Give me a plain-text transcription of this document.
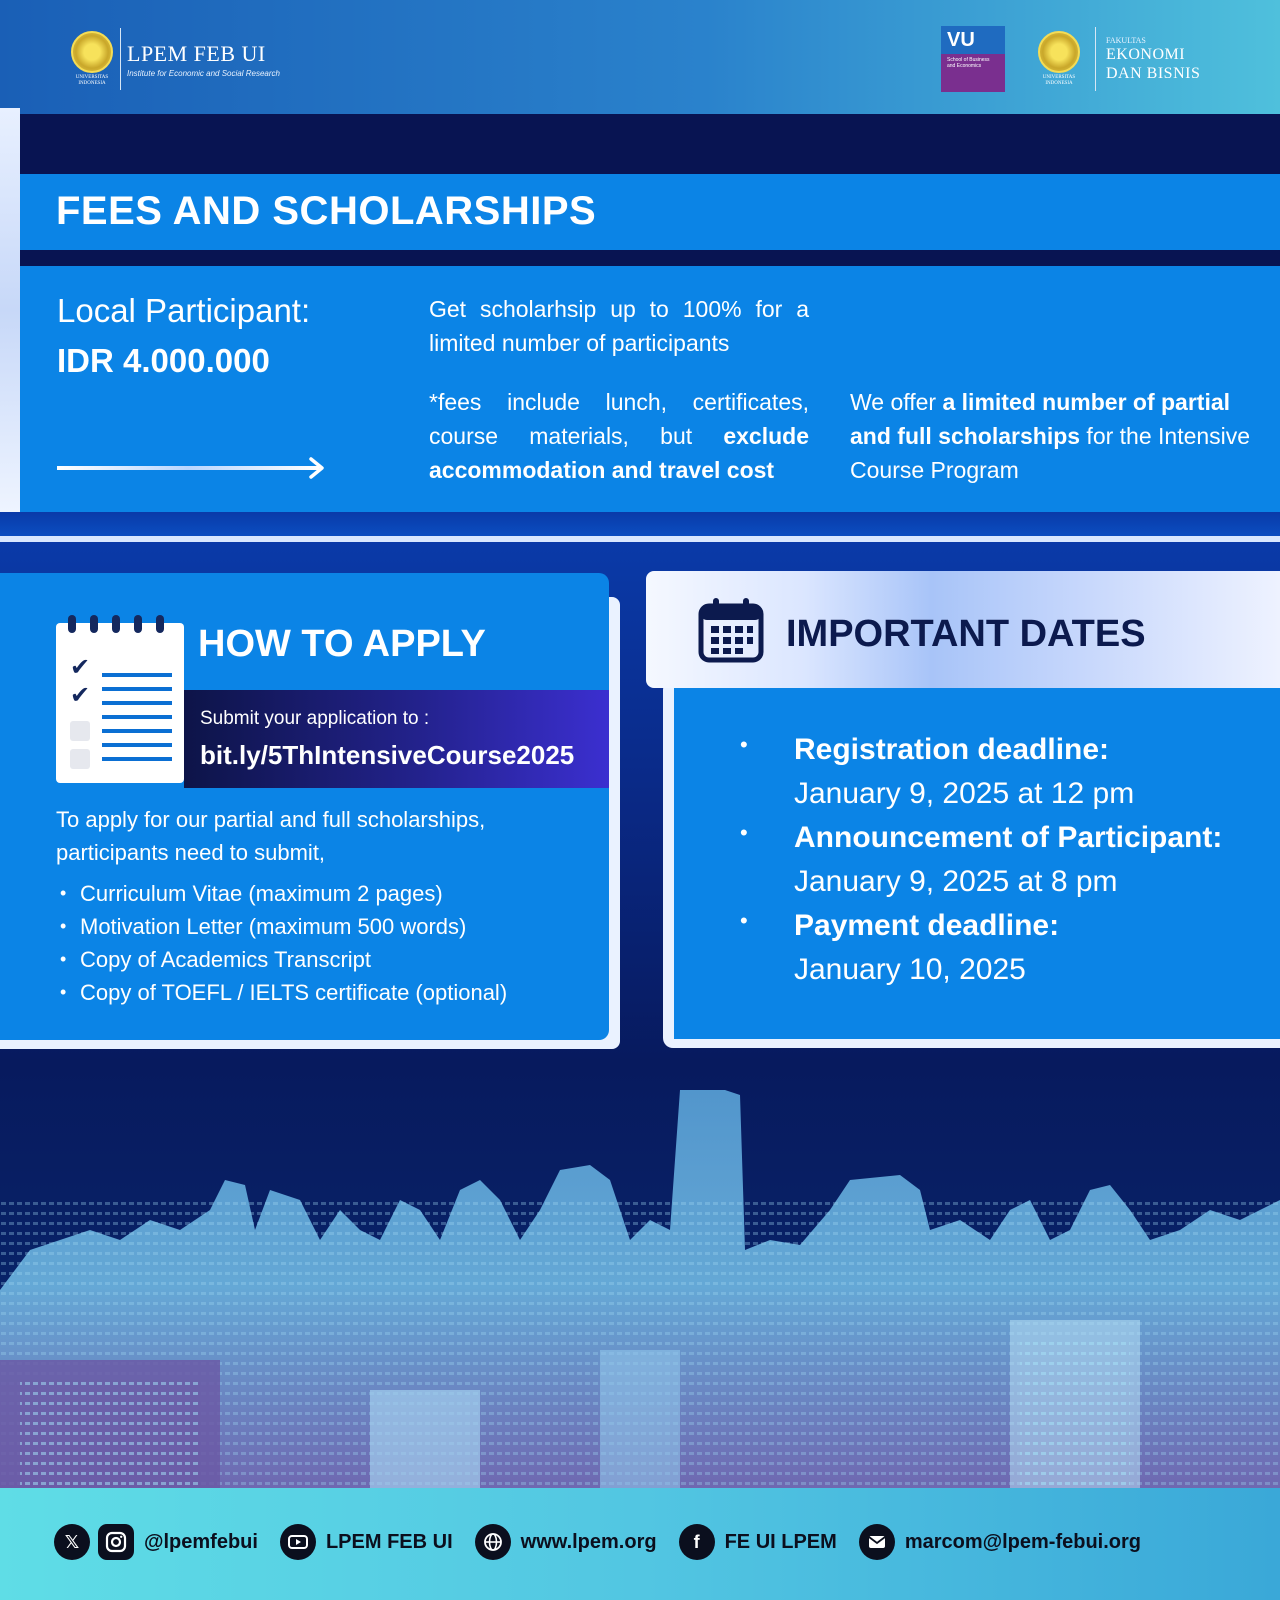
UNIVERSITAS INDONESIA
LPEM FEB UI
Institute for Economic and Social Research
VU
School of Business and Economics
UNIVERSITAS INDONESIA
FAKULTAS
EKONOMI
DAN BISNIS
FEES AND SCHOLARSHIPS
Local Participant:
IDR 4.000.000
Get scholarhsip up to 100% for a limited number of participants
*fees include lunch, certificates, course materials, but exclude accommodation and travel cost
We offer a limited number of partial and full scholarships for the Intensive Course Program
✔
✔
HOW TO APPLY
Submit your application to :
bit.ly/5ThIntensiveCourse2025
To apply for our partial and full scholarships, participants need to submit,
• Curriculum Vitae (maximum 2 pages)
• Motivation Letter (maximum 500 words)
• Copy of Academics Transcript
• Copy of TOEFL / IELTS certificate (optional)
IMPORTANT DATES
• Registration deadline:
January 9, 2025 at 12 pm
• Announcement of Participant:
January 9, 2025 at 8 pm
• Payment deadline:
January 10, 2025
𝕏	@lpemfebui	LPEM FEB UI	www.lpem.org	f	FE UI LPEM	marcom@lpem-febui.org
